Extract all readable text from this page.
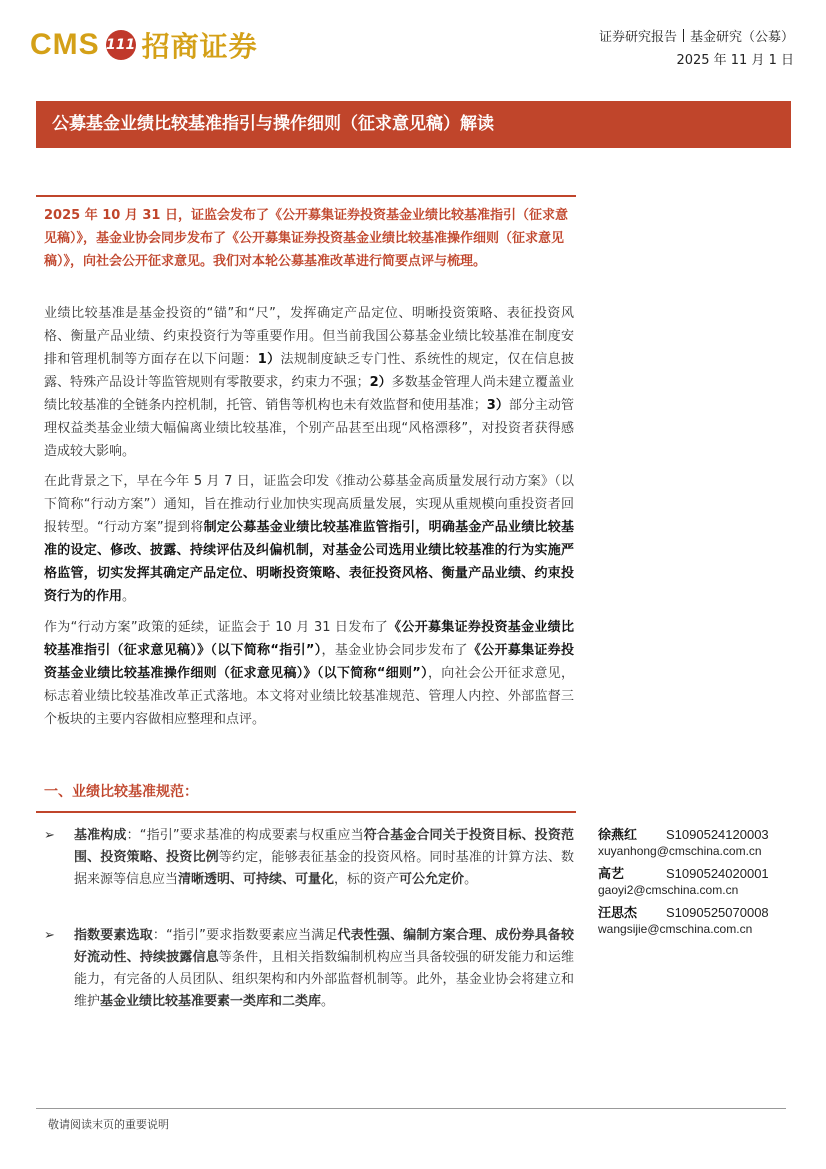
CMS 111 招商证券	证券研究报告 基金研究（公募）
2025 年 11 月 1 日
公募基金业绩比较基准指引与操作细则（征求意见稿）解读
2025 年 10 月 31 日，证监会发布了《公开募集证券投资基金业绩比较基准指引（征求意见稿）》，基金业协会同步发布了《公开募集证券投资基金业绩比较基准操作细则（征求意见稿）》，向社会公开征求意见。我们对本轮公募基准改革进行简要点评与梳理。
业绩比较基准是基金投资的“锚”和“尺”，发挥确定产品定位、明晰投资策略、表征投资风格、衡量产品业绩、约束投资行为等重要作用。但当前我国公募基金业绩比较基准在制度安排和管理机制等方面存在以下问题：1）法规制度缺乏专门性、系统性的规定，仅在信息披露、特殊产品设计等监管规则有零散要求，约束力不强；2）多数基金管理人尚未建立覆盖业绩比较基准的全链条内控机制，托管、销售等机构也未有效监督和使用基准；3）部分主动管理权益类基金业绩大幅偏离业绩比较基准，个别产品甚至出现“风格漂移”，对投资者获得感造成较大影响。
在此背景之下，早在今年 5 月 7 日，证监会印发《推动公募基金高质量发展行动方案》（以下简称“行动方案”）通知，旨在推动行业加快实现高质量发展，实现从重规模向重投资者回报转型。“行动方案”提到将制定公募基金业绩比较基准监管指引，明确基金产品业绩比较基准的设定、修改、披露、持续评估及纠偏机制，对基金公司选用业绩比较基准的行为实施严格监管，切实发挥其确定产品定位、明晰投资策略、表征投资风格、衡量产品业绩、约束投资行为的作用。
作为“行动方案”政策的延续，证监会于 10 月 31 日发布了《公开募集证券投资基金业绩比较基准指引（征求意见稿）》（以下简称“指引”），基金业协会同步发布了《公开募集证券投资基金业绩比较基准操作细则（征求意见稿）》（以下简称“细则”），向社会公开征求意见，标志着业绩比较基准改革正式落地。本文将对业绩比较基准规范、管理人内控、外部监督三个板块的主要内容做相应整理和点评。
一、业绩比较基准规范：
➢ 基准构成：“指引”要求基准的构成要素与权重应当符合基金合同关于投资目标、投资范围、投资策略、投资比例等约定，能够表征基金的投资风格。同时基准的计算方法、数据来源等信息应当清晰透明、可持续、可量化，标的资产可公允定价。
➢ 指数要素选取：“指引”要求指数要素应当满足代表性强、编制方案合理、成份券具备较好流动性、持续披露信息等条件，且相关指数编制机构应当具备较强的研发能力和运维能力，有完备的人员团队、组织架构和内外部监督机制等。此外，基金业协会将建立和维护基金业绩比较基准要素一类库和二类库。
徐燕红 S1090524120003
xuyanhong@cmschina.com.cn
高艺	S1090524020001
gaoyi2@cmschina.com.cn
汪思杰 S1090525070008
wangsijie@cmschina.com.cn
敬请阅读末页的重要说明
